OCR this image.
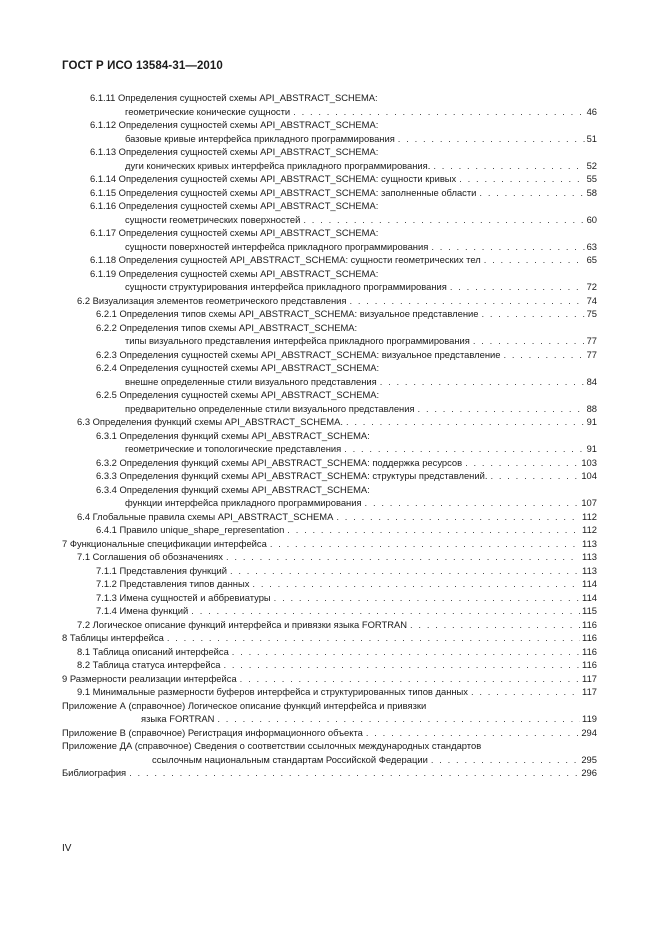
ГОСТ Р ИСО 13584-31—2010
6.1.11 Определения сущностей схемы API_ABSTRACT_SCHEMA:
геометрические конические сущности . . .	46
6.1.12 Определения сущностей схемы API_ABSTRACT_SCHEMA:
базовые кривые интерфейса прикладного программирования . . .	51
6.1.13 Определения сущностей схемы API_ABSTRACT_SCHEMA:
дуги конических кривых интерфейса прикладного программирования. . . .	52
6.1.14 Определения сущностей схемы API_ABSTRACT_SCHEMA: сущности кривых . . .	55
6.1.15 Определения сущностей схемы API_ABSTRACT_SCHEMA: заполненные области . . .	58
6.1.16 Определения сущностей схемы API_ABSTRACT_SCHEMA:
сущности геометрических поверхностей . . .	60
6.1.17 Определения сущностей схемы API_ABSTRACT_SCHEMA:
сущности поверхностей интерфейса прикладного программирования . . .	63
6.1.18 Определения сущностей API_ABSTRACT_SCHEMA: сущности геометрических тел . . .	65
6.1.19 Определения сущностей схемы API_ABSTRACT_SCHEMA:
сущности структурирования интерфейса прикладного программирования . . .	72
6.2 Визуализация элементов геометрического представления . . .	74
6.2.1 Определения типов схемы API_ABSTRACT_SCHEMA: визуальное представление . . .	75
6.2.2 Определения типов схемы API_ABSTRACT_SCHEMA:
типы визуального представления интерфейса прикладного программирования . . .	77
6.2.3 Определения сущностей схемы API_ABSTRACT_SCHEMA: визуальное представление . . .	77
6.2.4 Определения сущностей схемы API_ABSTRACT_SCHEMA:
внешне определенные стили визуального представления . . .	84
6.2.5 Определения сущностей схемы API_ABSTRACT_SCHEMA:
предварительно определенные стили визуального представления . . .	88
6.3 Определения функций схемы API_ABSTRACT_SCHEMA. . . .	91
6.3.1 Определения функций схемы API_ABSTRACT_SCHEMA:
геометрические и топологические представления . . .	91
6.3.2 Определения функций схемы API_ABSTRACT_SCHEMA: поддержка ресурсов . . .	103
6.3.3 Определения функций схемы API_ABSTRACT_SCHEMA: структуры представлений. . . .	104
6.3.4 Определения функций схемы API_ABSTRACT_SCHEMA:
функции интерфейса прикладного программирования . . .	107
6.4 Глобальные правила схемы API_ABSTRACT_SCHEMA . . .	112
6.4.1 Правило unique_shape_representation . . .	112
7 Функциональные спецификации интерфейса . . .	113
7.1 Соглашения об обозначениях . . .	113
7.1.1 Представления функций . . .	113
7.1.2 Представления типов данных . . .	114
7.1.3 Имена сущностей и аббревиатуры . . .	114
7.1.4 Имена функций . . .	115
7.2 Логическое описание функций интерфейса и привязки языка FORTRAN . . .	116
8 Таблицы интерфейса . . .	116
8.1 Таблица описаний интерфейса . . .	116
8.2 Таблица статуса интерфейса . . .	116
9 Размерности реализации интерфейса . . .	117
9.1 Минимальные размерности буферов интерфейса и структурированных типов данных . . .	117
Приложение А (справочное) Логическое описание функций интерфейса и привязки
языка FORTRAN . . .	119
Приложение В (справочное) Регистрация информационного объекта . . .	294
Приложение ДА (справочное) Сведения о соответствии ссылочных международных стандартов
ссылочным национальным стандартам Российской Федерации . . .	295
Библиография . . .	296
IV
